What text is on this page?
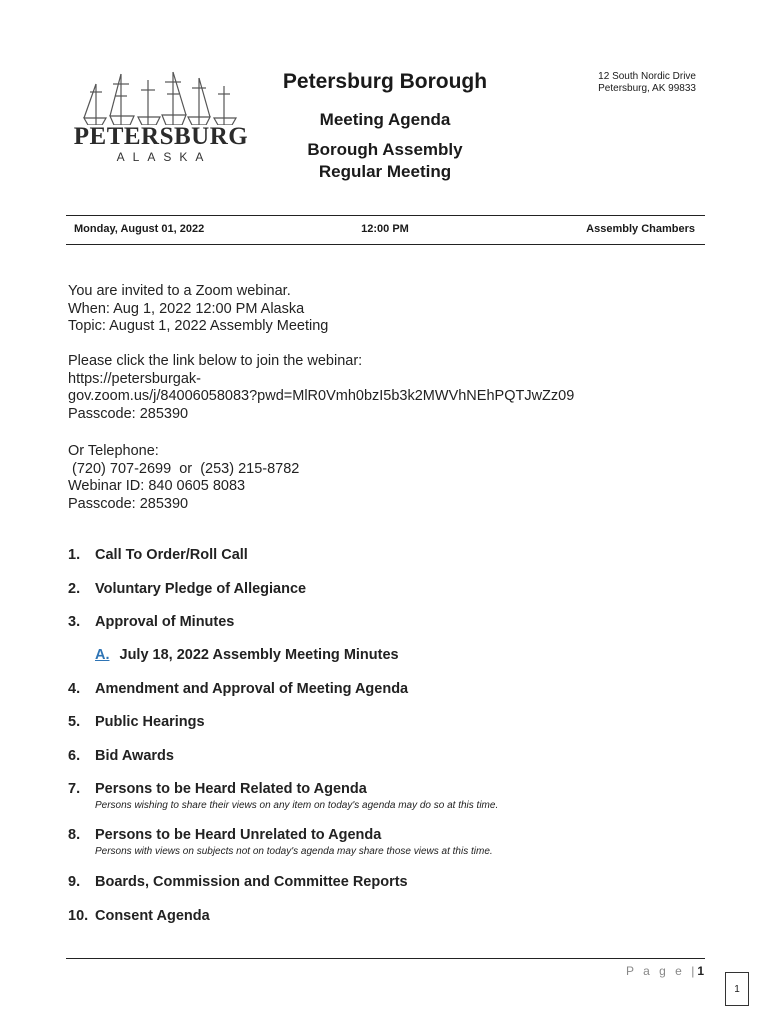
PETERSBURG
ALASKA
Petersburg Borough	12 South Nordic Drive
Petersburg, AK 99833
Meeting Agenda
Borough Assembly
Regular Meeting
Monday, August 01, 2022	12:00 PM	Assembly Chambers
You are invited to a Zoom webinar.
When: Aug 1, 2022 12:00 PM Alaska
Topic: August 1, 2022 Assembly Meeting
Please click the link below to join the webinar:
https://petersburgak-
gov.zoom.us/j/84006058083?pwd=MlR0Vmh0bzI5b3k2MWVhNEhPQTJwZz09
Passcode: 285390
Or Telephone:
(720) 707-2699  or  (253) 215-8782
Webinar ID: 840 0605 8083
Passcode: 285390
1. Call To Order/Roll Call
2. Voluntary Pledge of Allegiance
3. Approval of Minutes
A. July 18, 2022 Assembly Meeting Minutes
4. Amendment and Approval of Meeting Agenda
5. Public Hearings
6. Bid Awards
7. Persons to be Heard Related to Agenda
Persons wishing to share their views on any item on today's agenda may do so at this time.
8. Persons to be Heard Unrelated to Agenda
Persons with views on subjects not on today's agenda may share those views at this time.
9. Boards, Commission and Committee Reports
10. Consent Agenda
P a g e |1
1
